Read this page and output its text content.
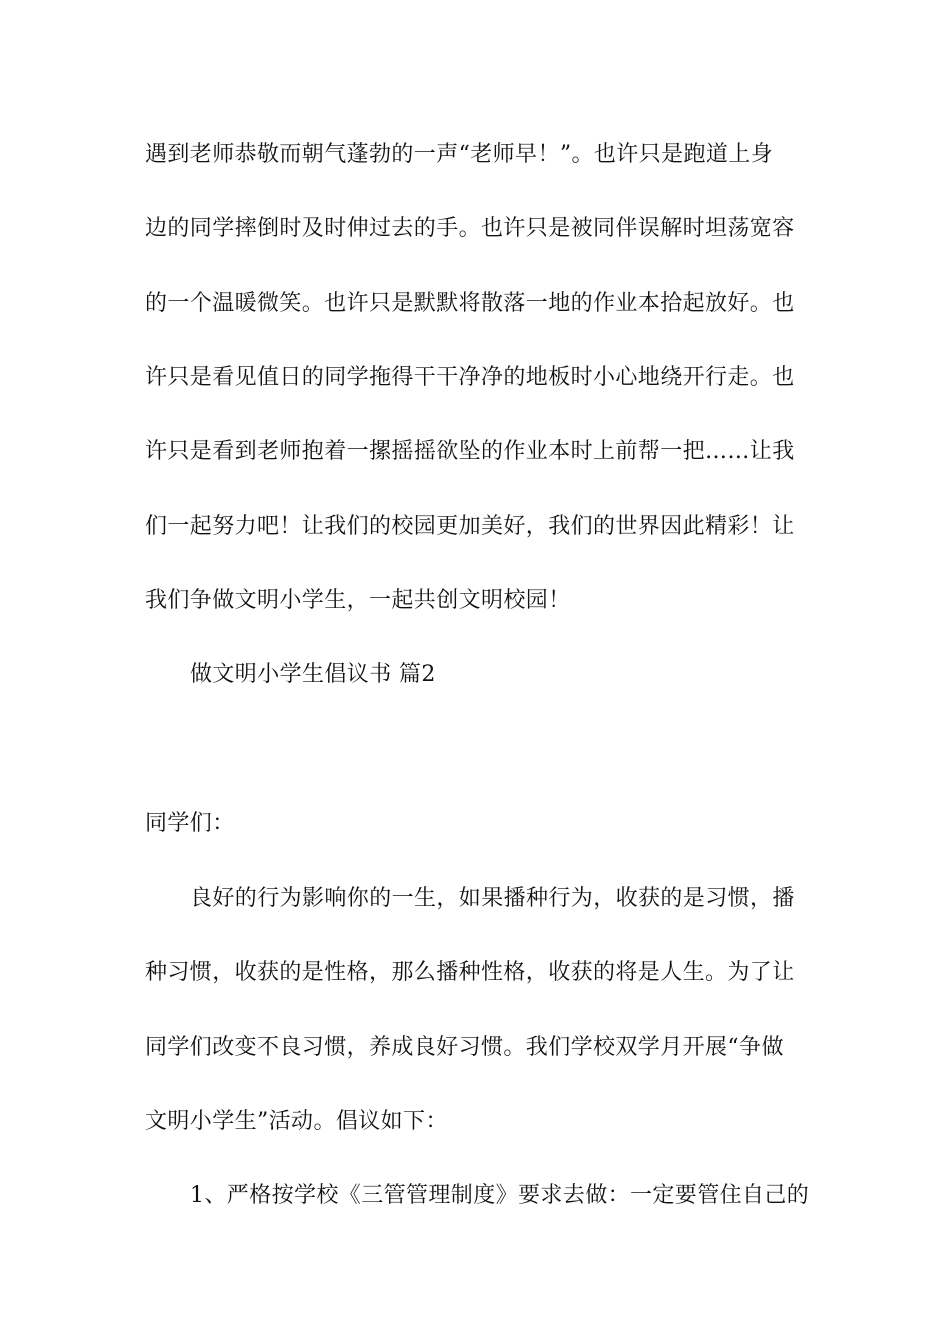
遇到老师恭敬而朝气蓬勃的一声“老师早！”。也许只是跑道上身
边的同学摔倒时及时伸过去的手。也许只是被同伴误解时坦荡宽容
的一个温暖微笑。也许只是默默将散落一地的作业本拾起放好。也
许只是看见值日的同学拖得干干净净的地板时小心地绕开行走。也
许只是看到老师抱着一摞摇摇欲坠的作业本时上前帮一把……让我
们一起努力吧！让我们的校园更加美好，我们的世界因此精彩！让
我们争做文明小学生，一起共创文明校园！
做文明小学生倡议书 篇2
同学们：
良好的行为影响你的一生，如果播种行为，收获的是习惯，播
种习惯，收获的是性格，那么播种性格，收获的将是人生。为了让
同学们改变不良习惯，养成良好习惯。我们学校双学月开展“争做
文明小学生”活动。倡议如下：
1、严格按学校《三管管理制度》要求去做：一定要管住自己的
